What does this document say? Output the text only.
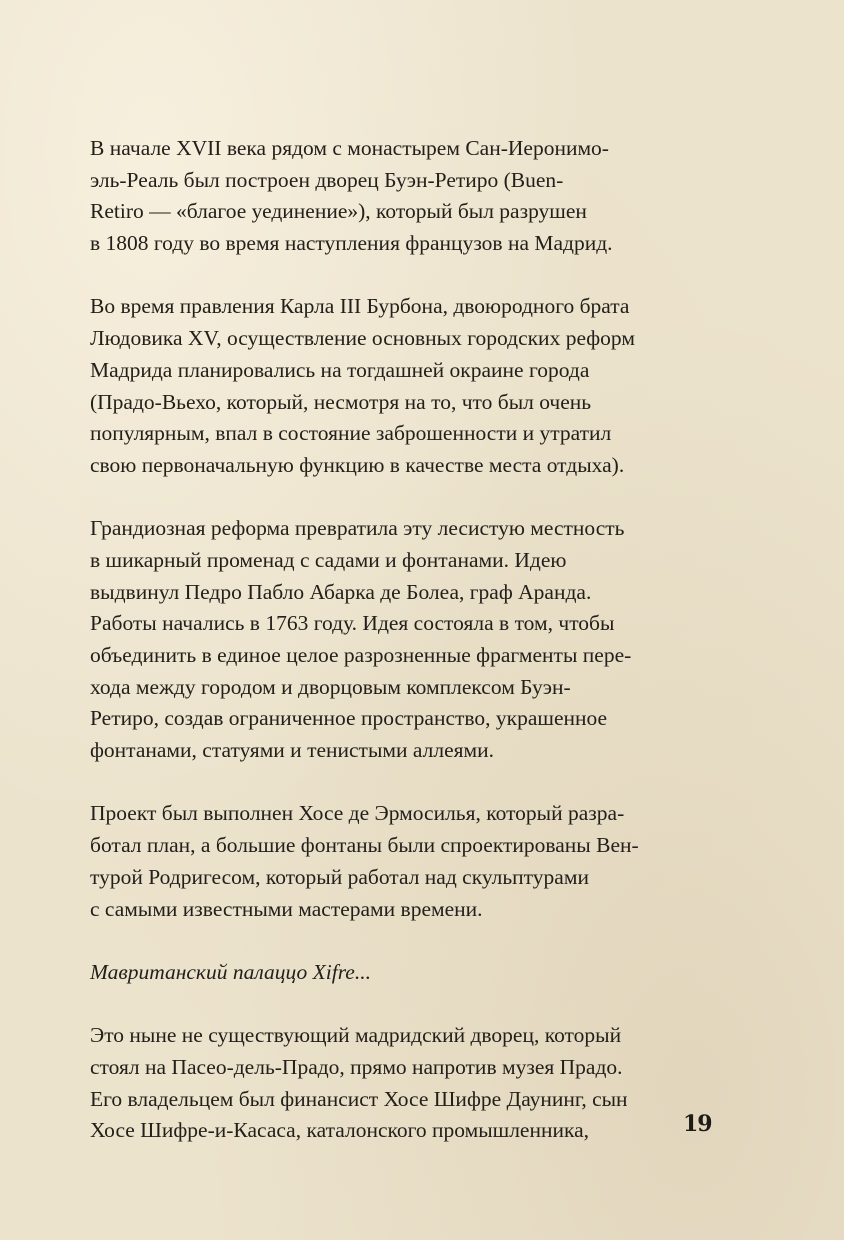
В начале XVII века рядом с монастырем Сан-Иеронимо-
эль-Реаль был построен дворец Буэн-Ретиро (Buen-
Retiro — «благое уединение»), который был разрушен
в 1808 году во время наступления французов на Мадрид.

Во время правления Карла III Бурбона, двоюродного брата
Людовика XV, осуществление основных городских реформ
Мадрида планировались на тогдашней окраине города
(Прадо-Вьехо, который, несмотря на то, что был очень
популярным, впал в состояние заброшенности и утратил
свою первоначальную функцию в качестве места отдыха).

Грандиозная реформа превратила эту лесистую местность
в шикарный променад с садами и фонтанами. Идею
выдвинул Педро Пабло Абарка де Болеа, граф Аранда.
Работы начались в 1763 году. Идея состояла в том, чтобы
объединить в единое целое разрозненные фрагменты пере-
хода между городом и дворцовым комплексом Буэн-
Ретиро, создав ограниченное пространство, украшенное
фонтанами, статуями и тенистыми аллеями.

Проект был выполнен Хосе де Эрмосилья, который разра-
ботал план, а большие фонтаны были спроектированы Вен-
турой Родригесом, который работал над скульптурами
с самыми известными мастерами времени.

Мавританский палаццо Xifre...

Это ныне не существующий мадридский дворец, который
стоял на Пасео-дель-Прадо, прямо напротив музея Прадо.
Его владельцем был финансист Хосе Шифре Даунинг, сын
Хосе Шифре-и-Касаса, каталонского промышленника,	19
